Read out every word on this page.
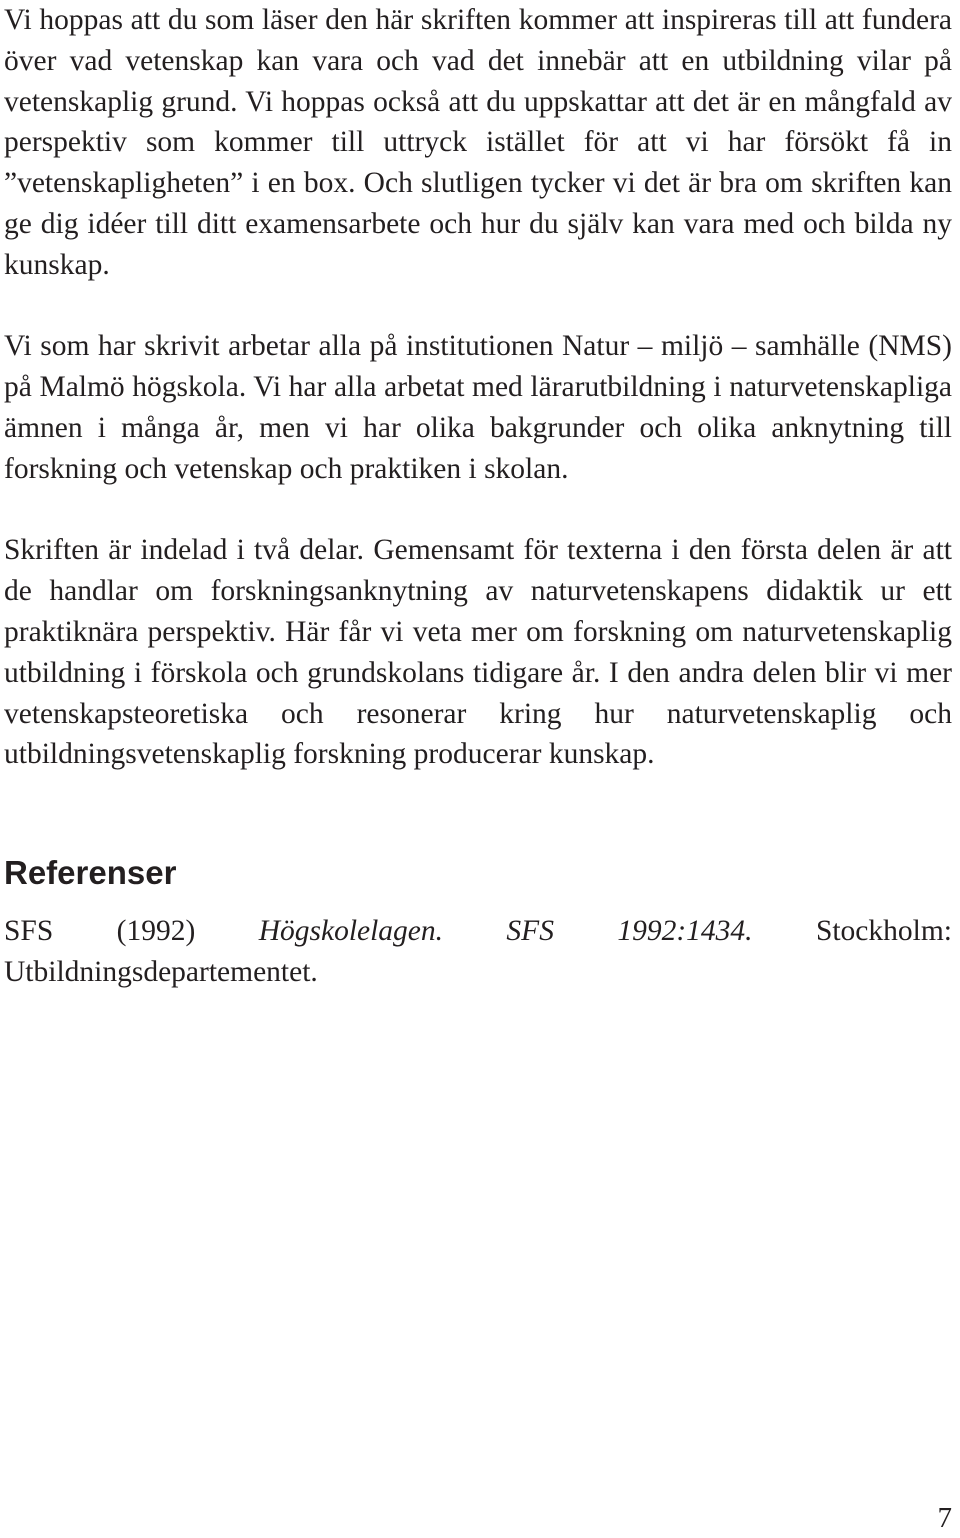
Vi hoppas att du som läser den här skriften kommer att inspireras till att fundera över vad vetenskap kan vara och vad det innebär att en utbildning vilar på vetenskaplig grund. Vi hoppas också att du uppskattar att det är en mångfald av perspektiv som kommer till uttryck istället för att vi har försökt få in ”vetenskapligheten” i en box. Och slutligen tycker vi det är bra om skriften kan ge dig idéer till ditt examensarbete och hur du själv kan vara med och bilda ny kunskap.

Vi som har skrivit arbetar alla på institutionen Natur – miljö – samhälle (NMS) på Malmö högskola. Vi har alla arbetat med lärarutbildning i naturvetenskapliga ämnen i många år, men vi har olika bakgrunder och olika anknytning till forskning och vetenskap och praktiken i skolan.

Skriften är indelad i två delar. Gemensamt för texterna i den första delen är att de handlar om forskningsanknytning av naturvetenskapens didaktik ur ett praktiknära perspektiv. Här får vi veta mer om forskning om naturvetenskaplig utbildning i förskola och grundskolans tidigare år. I den andra delen blir vi mer vetenskapsteoretiska och resonerar kring hur naturvetenskaplig och utbildningsvetenskaplig forskning producerar kunskap.

Referenser

SFS (1992) Högskolelagen. SFS 1992:1434. Stockholm: Utbildningsdepartementet.

7
